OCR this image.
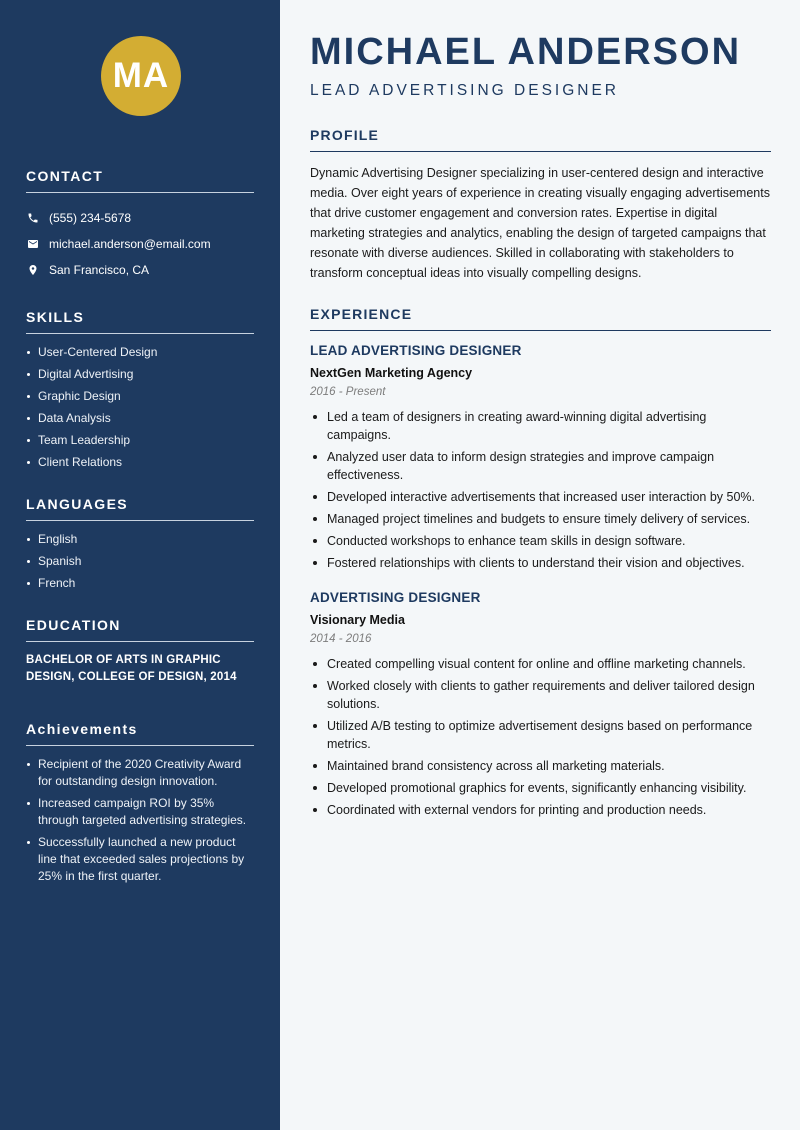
MA
CONTACT
(555) 234-5678
michael.anderson@email.com
San Francisco, CA
SKILLS
User-Centered Design
Digital Advertising
Graphic Design
Data Analysis
Team Leadership
Client Relations
LANGUAGES
English
Spanish
French
EDUCATION

BACHELOR OF ARTS IN GRAPHIC DESIGN, COLLEGE OF DESIGN, 2014

Achievements
Recipient of the 2020 Creativity Award for outstanding design innovation.
Increased campaign ROI by 35% through targeted advertising strategies.
Successfully launched a new product line that exceeded sales projections by 25% in the first quarter.
MICHAEL ANDERSON
LEAD ADVERTISING DESIGNER
PROFILE

Dynamic Advertising Designer specializing in user-centered design and interactive media. Over eight years of experience in creating visually engaging advertisements that drive customer engagement and conversion rates. Expertise in digital marketing strategies and analytics, enabling the design of targeted campaigns that resonate with diverse audiences. Skilled in collaborating with stakeholders to transform conceptual ideas into visually compelling designs.

EXPERIENCE
LEAD ADVERTISING DESIGNER
NextGen Marketing Agency
2016 - Present
Led a team of designers in creating award-winning digital advertising campaigns.
Analyzed user data to inform design strategies and improve campaign effectiveness.
Developed interactive advertisements that increased user interaction by 50%.
Managed project timelines and budgets to ensure timely delivery of services.
Conducted workshops to enhance team skills in design software.
Fostered relationships with clients to understand their vision and objectives.
ADVERTISING DESIGNER
Visionary Media
2014 - 2016
Created compelling visual content for online and offline marketing channels.
Worked closely with clients to gather requirements and deliver tailored design solutions.
Utilized A/B testing to optimize advertisement designs based on performance metrics.
Maintained brand consistency across all marketing materials.
Developed promotional graphics for events, significantly enhancing visibility.
Coordinated with external vendors for printing and production needs.
